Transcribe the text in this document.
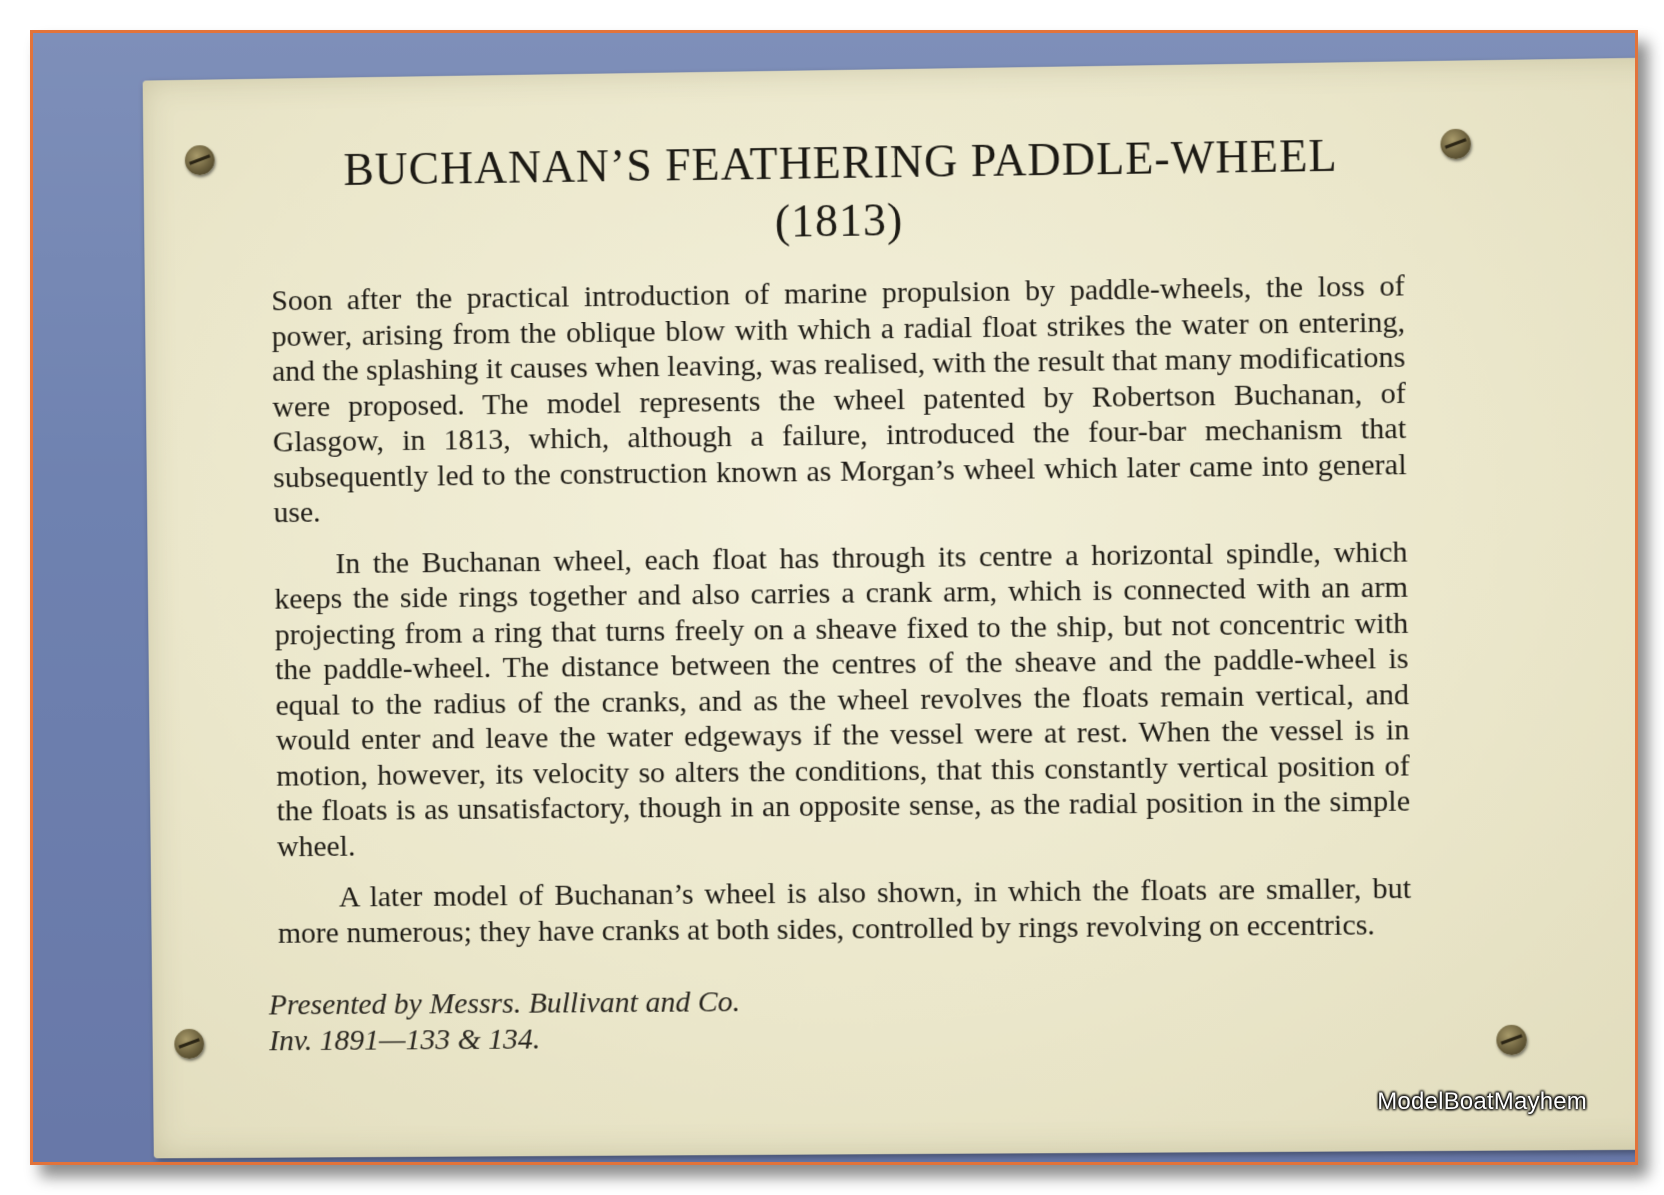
BUCHANAN’S FEATHERING PADDLE-WHEEL
(1813)

Soon after the practical introduction of marine propulsion by paddle-wheels, the loss of power, arising from the oblique blow with which a radial float strikes the water on entering, and the splashing it causes when leaving, was realised, with the result that many modifications were proposed. The model represents the wheel patented by Robertson Buchanan, of Glasgow, in 1813, which, although a failure, introduced the four-bar mechanism that subsequently led to the construction known as Morgan’s wheel which later came into general use.

In the Buchanan wheel, each float has through its centre a horizontal spindle, which keeps the side rings together and also carries a crank arm, which is connected with an arm projecting from a ring that turns freely on a sheave fixed to the ship, but not concentric with the paddle-wheel. The distance between the centres of the sheave and the paddle-wheel is equal to the radius of the cranks, and as the wheel revolves the floats remain vertical, and would enter and leave the water edgeways if the vessel were at rest. When the vessel is in motion, however, its velocity so alters the conditions, that this constantly vertical position of the floats is as unsatisfactory, though in an opposite sense, as the radial position in the simple wheel.

A later model of Buchanan’s wheel is also shown, in which the floats are smaller, but more numerous; they have cranks at both sides, controlled by rings revolving on eccentrics.

Presented by Messrs. Bullivant and Co.
Inv. 1891—133 & 134.
ModelBoatMayhem
